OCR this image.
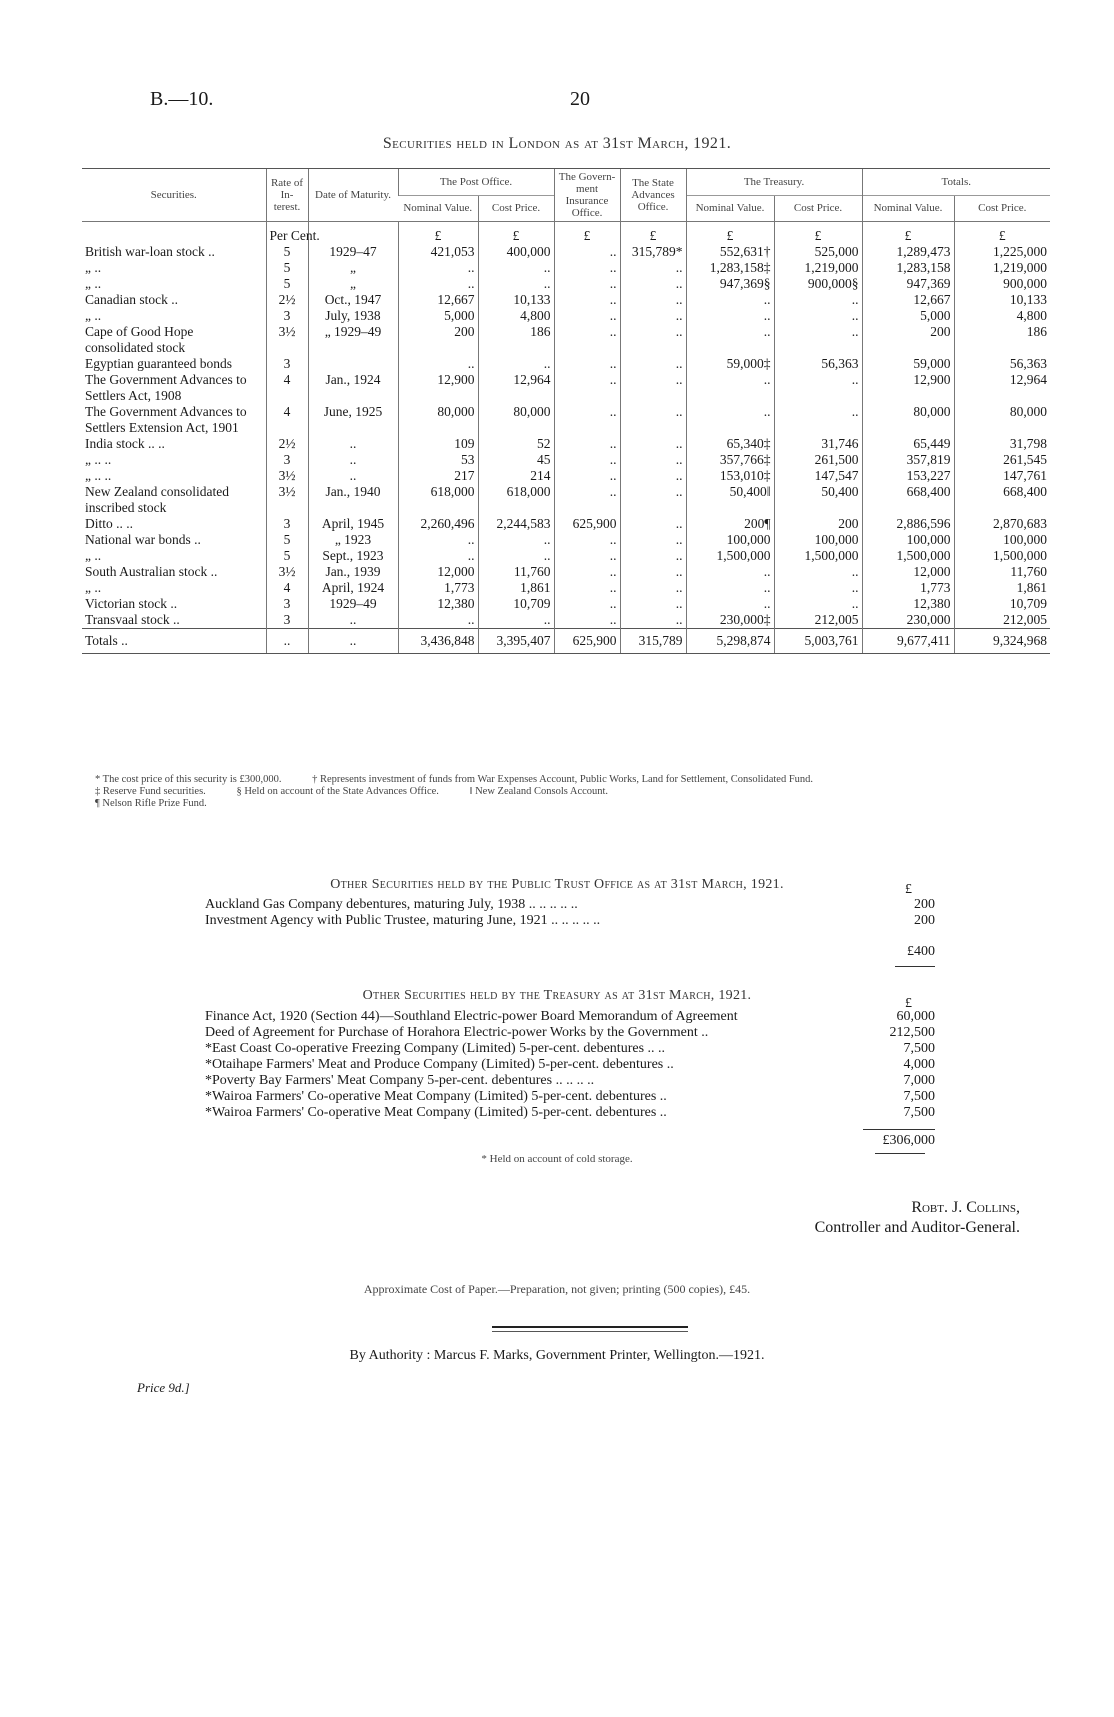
B.—10.	20
Securities held in London as at 31st March, 1921.
Securities.	Rate of In- terest.	Date of Maturity.	The Post Office.		The Govern- ment Insurance Office.	The State Advances Office.	The Treasury.		Totals.	
			Nominal Value.	Cost Price.			Nominal Value.	Cost Price.	Nominal Value.	Cost Price.
	Per Cent.		£	£	£	£	£	£	£	£
British war-loan stock ..	5	1929–47	421,053	400,000	..	315,789*	552,631†	525,000	1,289,473	1,225,000
„ ..	5	„	..	..	..	..	1,283,158‡	1,219,000	1,283,158	1,219,000
„ ..	5	„	..	..	..	..	947,369§	900,000§	947,369	900,000
Canadian stock ..	2½	Oct., 1947	12,667	10,133	..	..	..	..	12,667	10,133
„ ..	3	July, 1938	5,000	4,800	..	..	..	..	5,000	4,800
Cape of Good Hope consolidated stock	3½	„ 1929–49	200	186	..	..	..	..	200	186
Egyptian guaranteed bonds	3		..	..	..	..	59,000‡	56,363	59,000	56,363
The Government Advances to Settlers Act, 1908	4	Jan., 1924	12,900	12,964	..	..	..	..	12,900	12,964
The Government Advances to Settlers Extension Act, 1901	4	June, 1925	80,000	80,000	..	..	..	..	80,000	80,000
India stock .. ..	2½	..	109	52	..	..	65,340‡	31,746	65,449	31,798
„ .. ..	3	..	53	45	..	..	357,766‡	261,500	357,819	261,545
„ .. ..	3½	..	217	214	..	..	153,010‡	147,547	153,227	147,761
New Zealand consolidated inscribed stock	3½	Jan., 1940	618,000	618,000	..	..	50,400‖	50,400	668,400	668,400
Ditto .. ..	3	April, 1945	2,260,496	2,244,583	625,900	..	200¶	200	2,886,596	2,870,683
National war bonds ..	5	„ 1923	..	..	..	..	100,000	100,000	100,000	100,000
„ ..	5	Sept., 1923	..	..	..	..	1,500,000	1,500,000	1,500,000	1,500,000
South Australian stock ..	3½	Jan., 1939	12,000	11,760	..	..	..	..	12,000	11,760
„ ..	4	April, 1924	1,773	1,861	..	..	..	..	1,773	1,861
Victorian stock ..	3	1929–49	12,380	10,709	..	..	..	..	12,380	10,709
Transvaal stock ..	3	..	..	..	..	..	230,000‡	212,005	230,000	212,005
Totals ..	..	..	3,436,848	3,395,407	625,900	315,789	5,298,874	5,003,761	9,677,411	9,324,968
* The cost price of this security is £300,000.	† Represents investment of funds from War Expenses Account, Public Works, Land for Settlement, Consolidated Fund.
‡ Reserve Fund securities.	§ Held on account of the State Advances Office.	‖ New Zealand Consols Account.
¶ Nelson Rifle Prize Fund.
Other Securities held by the Public Trust Office as at 31st March, 1921.	£
Auckland Gas Company debentures, maturing July, 1938 .. .. .. .. ..	200
Investment Agency with Public Trustee, maturing June, 1921 .. .. .. .. ..	200
£400
Other Securities held by the Treasury as at 31st March, 1921.
£
Finance Act, 1920 (Section 44)—Southland Electric-power Board Memorandum of Agreement	60,000
Deed of Agreement for Purchase of Horahora Electric-power Works by the Government ..	212,500
*East Coast Co-operative Freezing Company (Limited) 5-per-cent. debentures .. ..	7,500
*Otaihape Farmers' Meat and Produce Company (Limited) 5-per-cent. debentures ..	4,000
*Poverty Bay Farmers' Meat Company 5-per-cent. debentures .. .. .. ..	7,000
*Wairoa Farmers' Co-operative Meat Company (Limited) 5-per-cent. debentures ..	7,500
*Wairoa Farmers' Co-operative Meat Company (Limited) 5-per-cent. debentures ..	7,500
£306,000
* Held on account of cold storage.
Robt. J. Collins,
Controller and Auditor-General.
Approximate Cost of Paper.—Preparation, not given; printing (500 copies), £45.
By Authority : Marcus F. Marks, Government Printer, Wellington.—1921.
Price 9d.]
